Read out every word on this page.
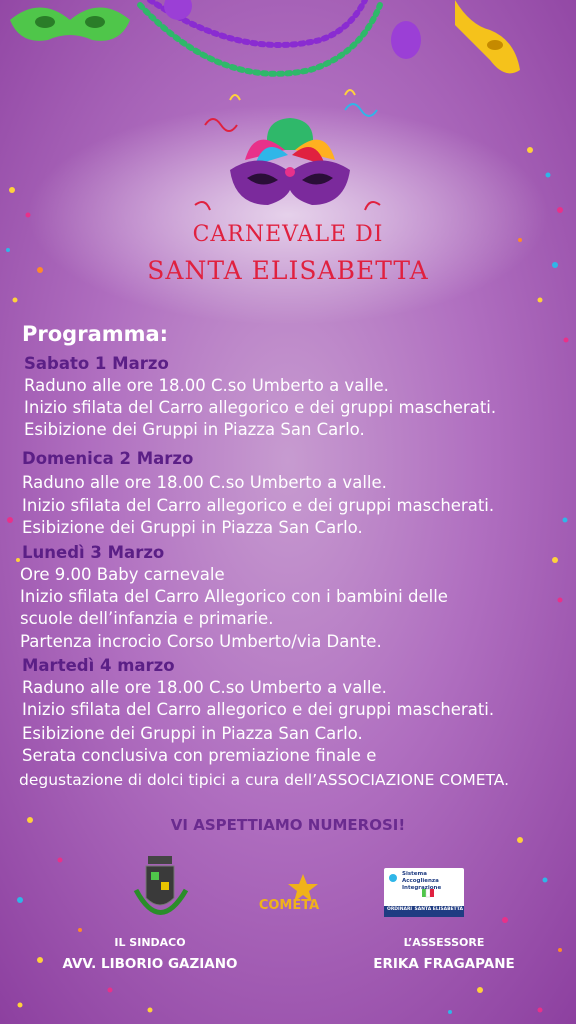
CARNEVALE DI
SANTA ELISABETTA
Programma:
Sabato 1 Marzo
Raduno alle ore 18.00 C.so Umberto a valle.
Inizio sfilata del Carro allegorico e dei gruppi mascherati.
Esibizione dei Gruppi in Piazza San Carlo.
Domenica 2 Marzo
Raduno alle ore 18.00 C.so Umberto a valle.
Inizio sfilata del Carro allegorico e dei gruppi mascherati.
Esibizione dei Gruppi in Piazza San Carlo.
Lunedì 3 Marzo
Ore 9.00 Baby carnevale
Inizio sfilata del Carro Allegorico con i bambini delle
scuole dell’infanzia e primarie.
Partenza incrocio Corso Umberto/via Dante.
Martedì 4 marzo
Raduno alle ore 18.00 C.so Umberto a valle.
Inizio sfilata del Carro allegorico e dei gruppi mascherati.
Esibizione dei Gruppi in Piazza San Carlo.
Serata conclusiva con premiazione finale e
degustazione di dolci tipici a cura dell’ASSOCIAZIONE COMETA.
VI ASPETTIAMO NUMEROSI!
COMETA
Sistema
Accoglienza
Integrazione
ORDINARI SANTA ELISABETTA
IL SINDACO
AVV. LIBORIO GAZIANO
L’ASSESSORE
ERIKA FRAGAPANE
